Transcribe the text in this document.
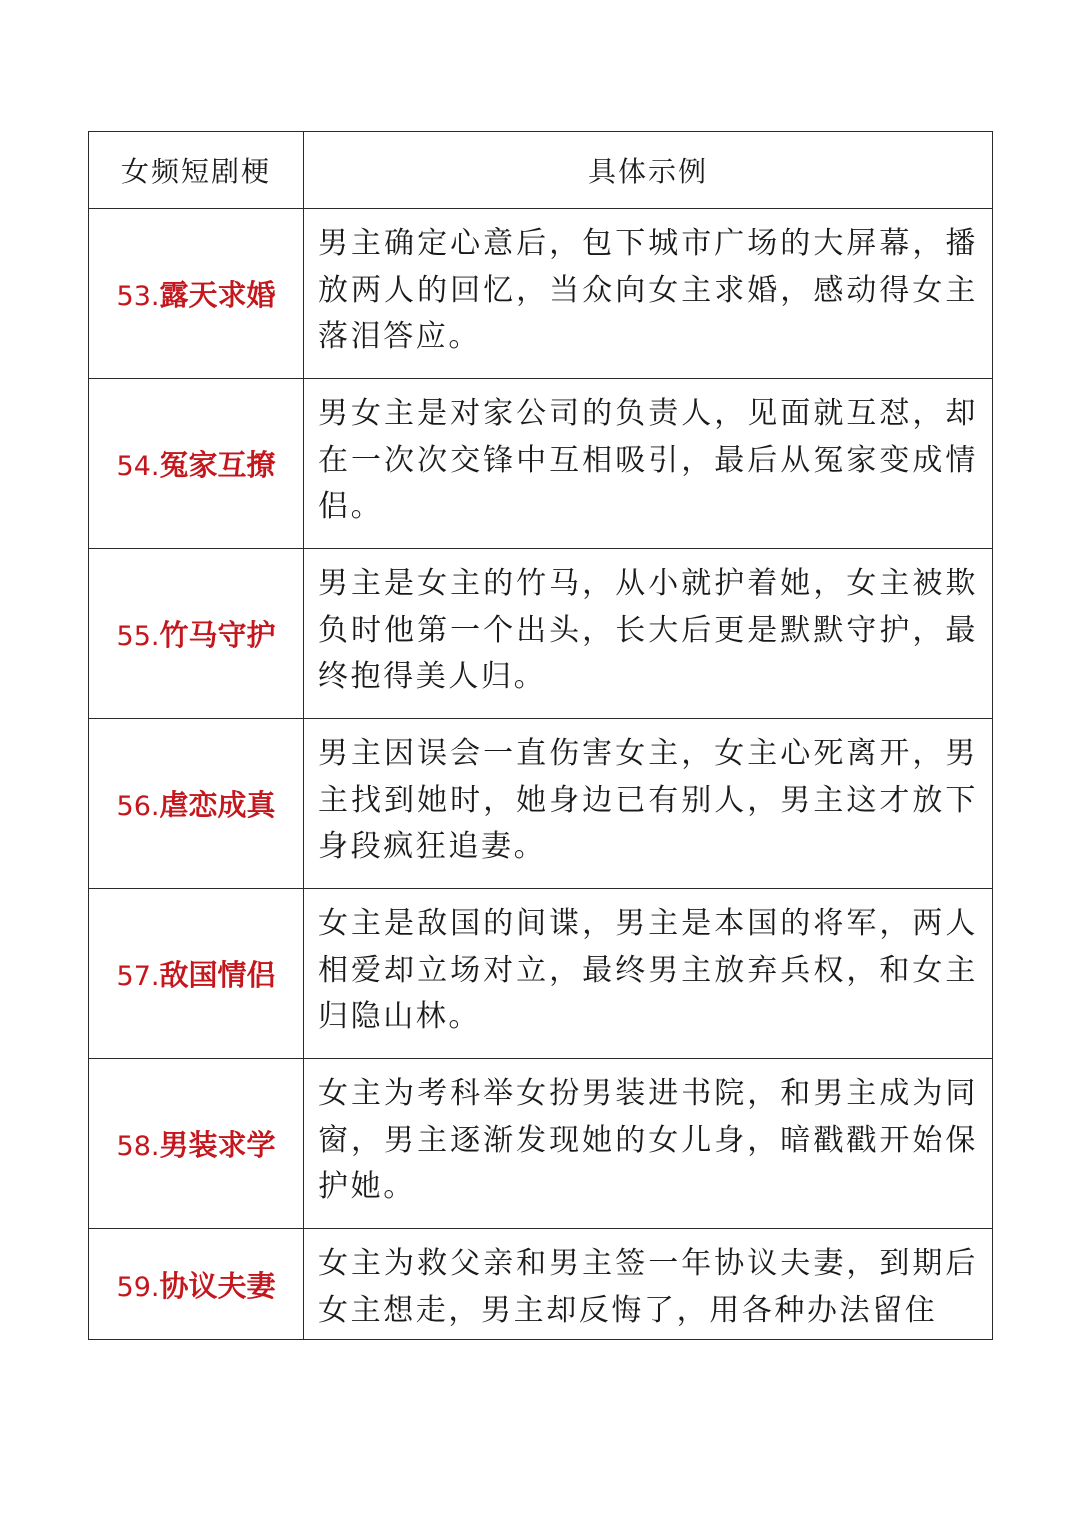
女频短剧梗	具体示例
53.露天求婚	男主确定心意后，包下城市广场的大屏幕，播放两人的回忆，当众向女主求婚，感动得女主落泪答应。
54.冤家互撩	男女主是对家公司的负责人，见面就互怼，却在一次次交锋中互相吸引，最后从冤家变成情侣。
55.竹马守护	男主是女主的竹马，从小就护着她，女主被欺负时他第一个出头，长大后更是默默守护，最终抱得美人归。
56.虐恋成真	男主因误会一直伤害女主，女主心死离开，男主找到她时，她身边已有别人，男主这才放下身段疯狂追妻。
57.敌国情侣	女主是敌国的间谍，男主是本国的将军，两人相爱却立场对立，最终男主放弃兵权，和女主归隐山林。
58.男装求学	女主为考科举女扮男装进书院，和男主成为同窗，男主逐渐发现她的女儿身，暗戳戳开始保护她。
59.协议夫妻	女主为救父亲和男主签一年协议夫妻，到期后女主想走，男主却反悔了，用各种办法留住
